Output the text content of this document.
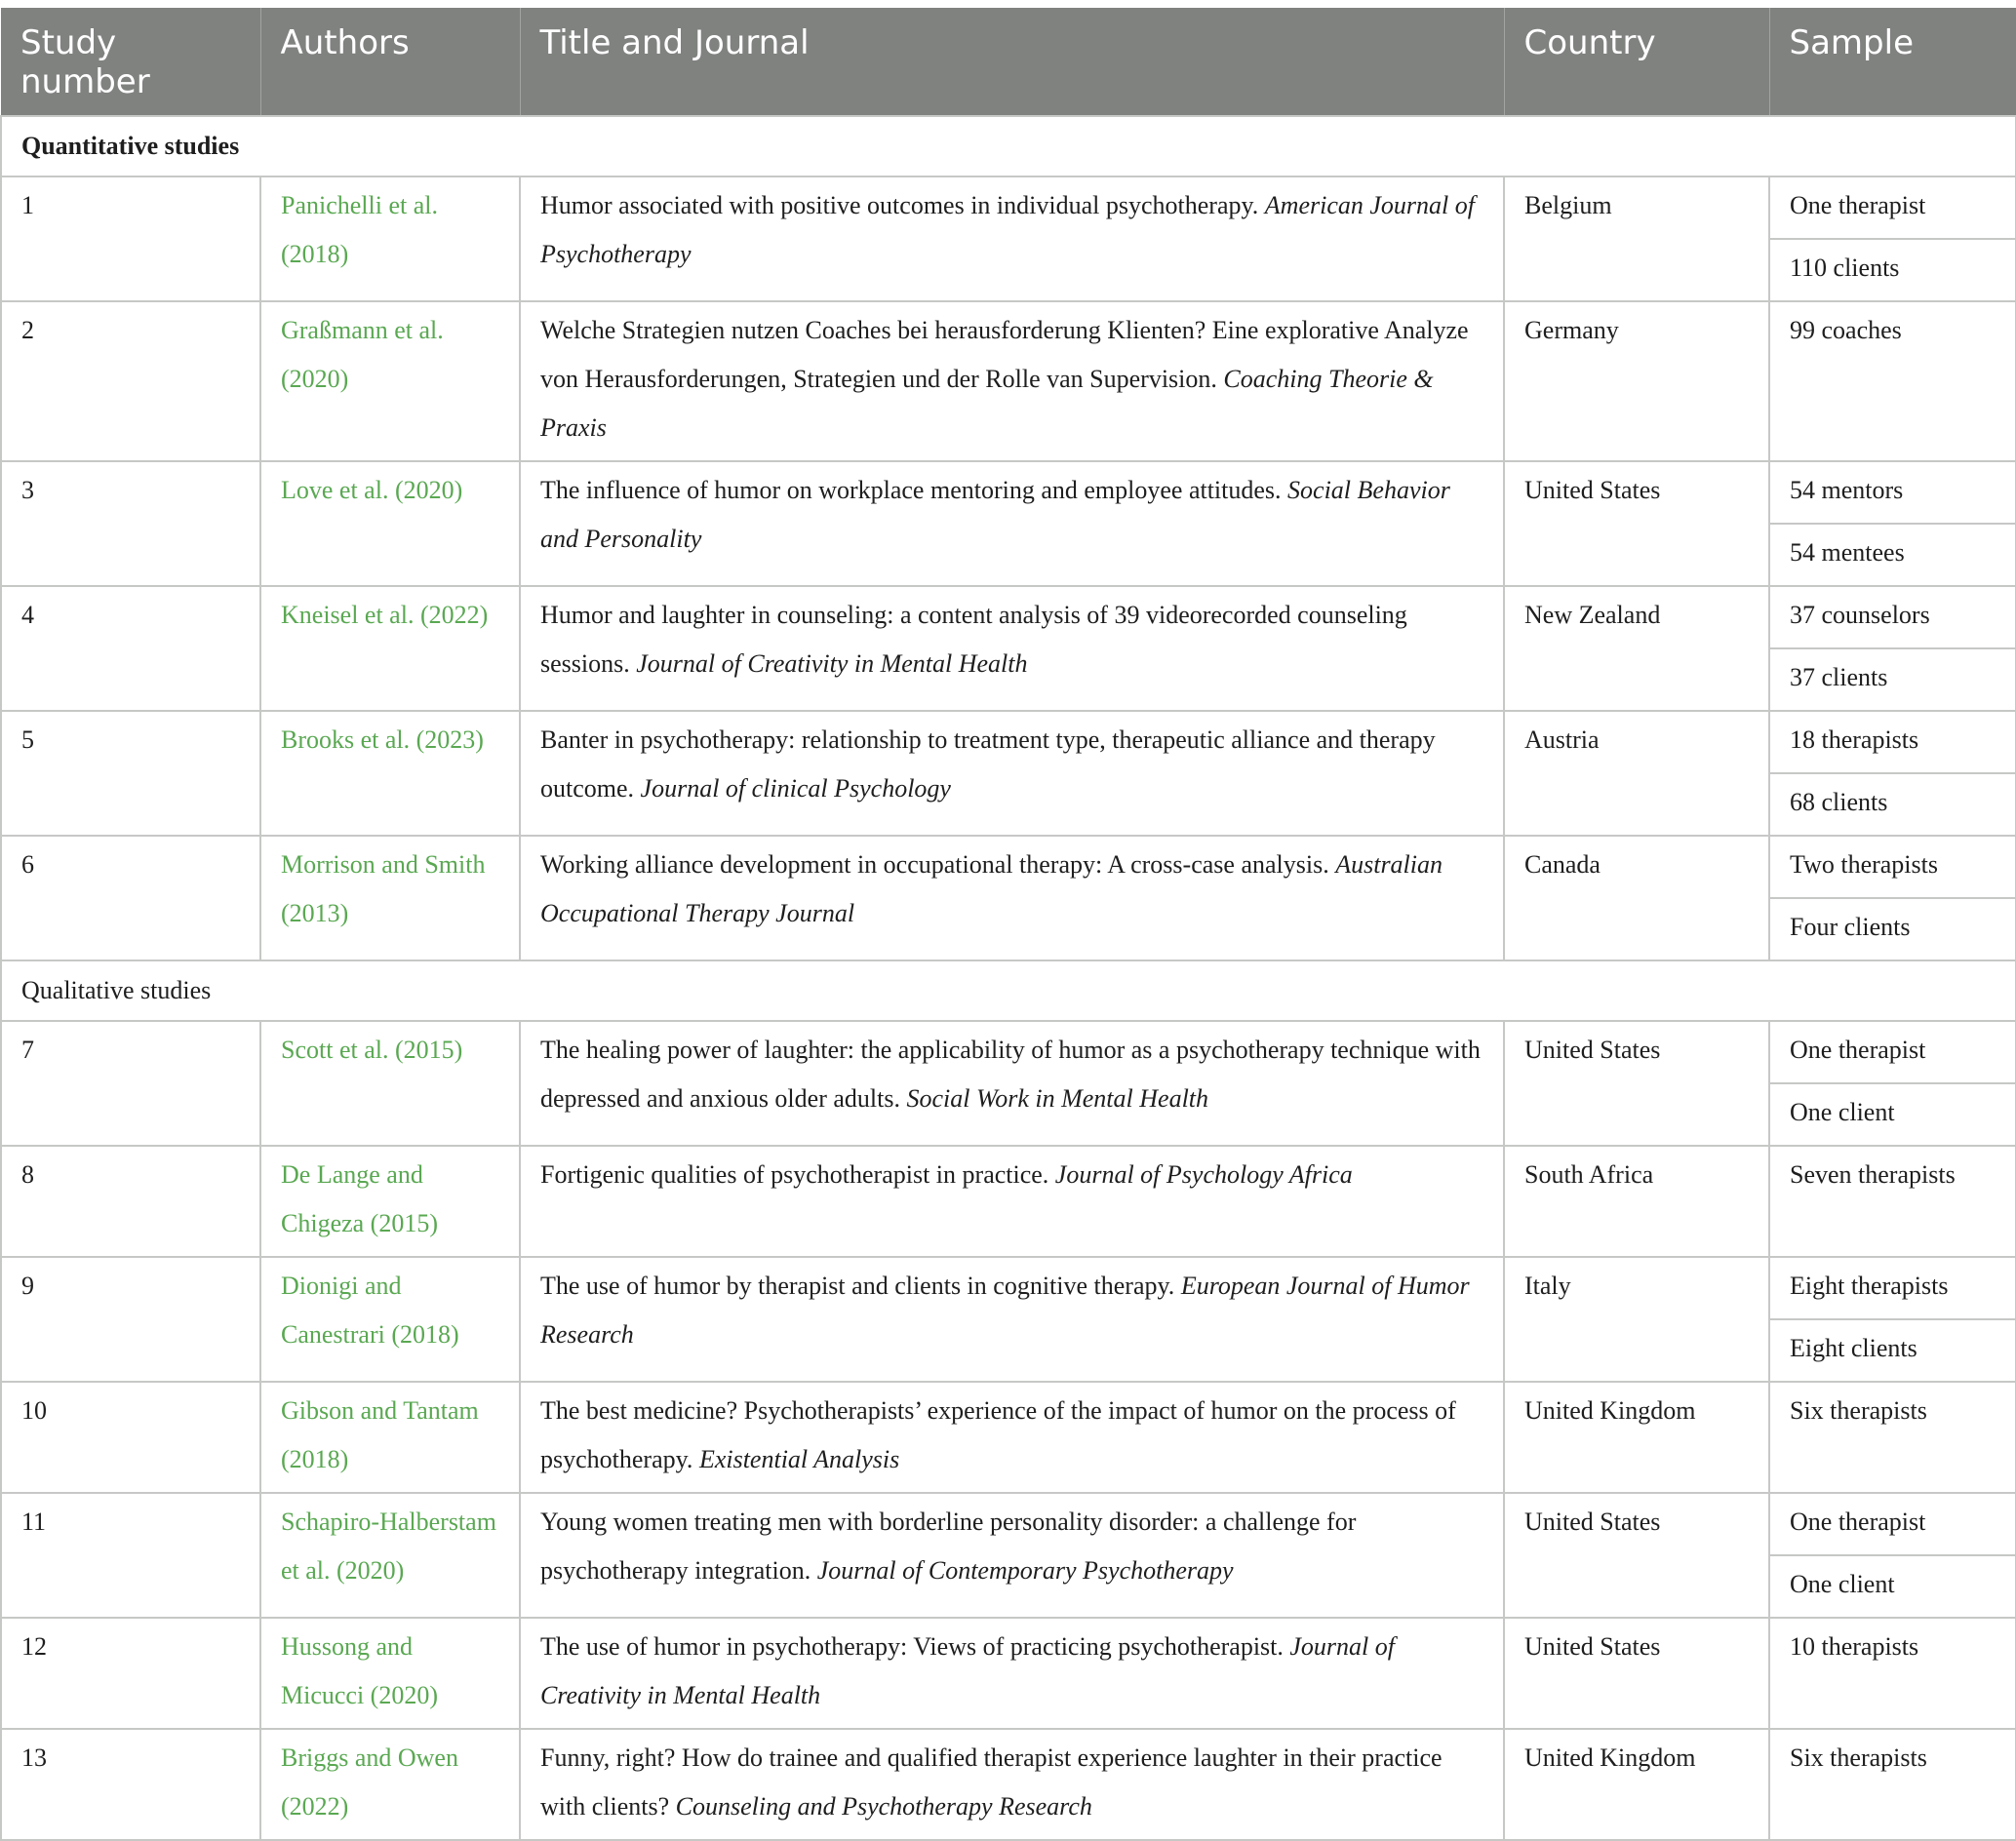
Study
number	Authors	Title and Journal	Country	Sample
Quantitative studies				
1	Panichelli et al. (2018)	Humor associated with positive outcomes in individual psychotherapy. American Journal of Psychotherapy	Belgium	One therapist
110 clients

2	Graßmann et al. (2020)	Welche Strategien nutzen Coaches bei herausforderung Klienten? Eine explorative Analyze von Herausforderungen, Strategien und der Rolle van Supervision. Coaching Theorie & Praxis	Germany	99 coaches

3	Love et al. (2020)	The influence of humor on workplace mentoring and employee attitudes. Social Behavior and Personality	United States	54 mentors
54 mentees

4	Kneisel et al. (2022)	Humor and laughter in counseling: a content analysis of 39 videorecorded counseling sessions. Journal of Creativity in Mental Health	New Zealand	37 counselors
37 clients

5	Brooks et al. (2023)	Banter in psychotherapy: relationship to treatment type, therapeutic alliance and therapy outcome. Journal of clinical Psychology	Austria	18 therapists
68 clients

6	Morrison and Smith (2013)	Working alliance development in occupational therapy: A cross-case analysis. Australian Occupational Therapy Journal	Canada	Two therapists
Four clients

Qualitative studies				
7	Scott et al. (2015)	The healing power of laughter: the applicability of humor as a psychotherapy technique with depressed and anxious older adults. Social Work in Mental Health	United States	One therapist
One client

8	De Lange and Chigeza (2015)	Fortigenic qualities of psychotherapist in practice. Journal of Psychology Africa	South Africa	Seven therapists

9	Dionigi and Canestrari (2018)	The use of humor by therapist and clients in cognitive therapy. European Journal of Humor Research	Italy	Eight therapists
Eight clients

10	Gibson and Tantam (2018)	The best medicine? Psychotherapists’ experience of the impact of humor on the process of psychotherapy. Existential Analysis	United Kingdom	Six therapists

11	Schapiro-Halberstam et al. (2020)	Young women treating men with borderline personality disorder: a challenge for psychotherapy integration. Journal of Contemporary Psychotherapy	United States	One therapist
One client

12	Hussong and Micucci (2020)	The use of humor in psychotherapy: Views of practicing psychotherapist. Journal of Creativity in Mental Health	United States	10 therapists

13	Briggs and Owen (2022)	Funny, right? How do trainee and qualified therapist experience laughter in their practice with clients? Counseling and Psychotherapy Research	United Kingdom	Six therapists
